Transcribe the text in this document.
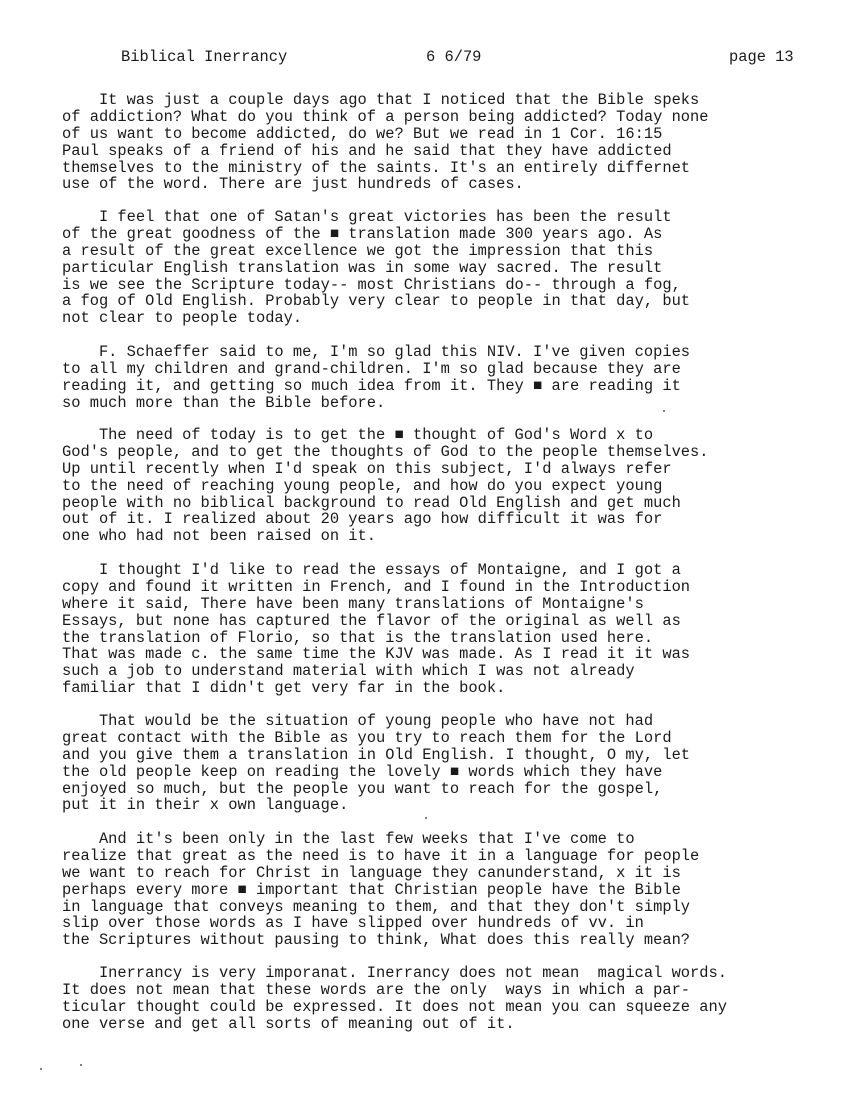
Biblical Inerrancy	6 6/79	page 13
It was just a couple days ago that I noticed that the Bible speks
of addiction? What do you think of a person being addicted? Today none
of us want to become addicted, do we? But we read in 1 Cor. 16:15
Paul speaks of a friend of his and he said that they have addicted
themselves to the ministry of the saints. It's an entirely differnet
use of the word. There are just hundreds of cases.
I feel that one of Satan's great victories has been the result
of the great goodness of the ■ translation made 300 years ago. As
a result of the great excellence we got the impression that this
particular English translation was in some way sacred. The result
is we see the Scripture today-- most Christians do-- through a fog,
a fog of Old English. Probably very clear to people in that day, but
not clear to people today.
F. Schaeffer said to me, I'm so glad this NIV. I've given copies
to all my children and grand-children. I'm so glad because they are
reading it, and getting so much idea from it. They ■ are reading it
so much more than the Bible before.
The need of today is to get the ■ thought of God's Word x to
God's people, and to get the thoughts of God to the people themselves.
Up until recently when I'd speak on this subject, I'd always refer
to the need of reaching young people, and how do you expect young
people with no biblical background to read Old English and get much
out of it. I realized about 20 years ago how difficult it was for
one who had not been raised on it.
I thought I'd like to read the essays of Montaigne, and I got a
copy and found it written in French, and I found in the Introduction
where it said, There have been many translations of Montaigne's
Essays, but none has captured the flavor of the original as well as
the translation of Florio, so that is the translation used here.
That was made c. the same time the KJV was made. As I read it it was
such a job to understand material with which I was not already
familiar that I didn't get very far in the book.
That would be the situation of young people who have not had
great contact with the Bible as you try to reach them for the Lord
and you give them a translation in Old English. I thought, O my, let
the old people keep on reading the lovely ■ words which they have
enjoyed so much, but the people you want to reach for the gospel,
put it in their x own language.
And it's been only in the last few weeks that I've come to
realize that great as the need is to have it in a language for people
we want to reach for Christ in language they canunderstand, x it is
perhaps every more ■ important that Christian people have the Bible
in language that conveys meaning to them, and that they don't simply
slip over those words as I have slipped over hundreds of vv. in
the Scriptures without pausing to think, What does this really mean?
Inerrancy is very imporanat. Inerrancy does not mean  magical words.
It does not mean that these words are the only  ways in which a par-
ticular thought could be expressed. It does not mean you can squeeze any
one verse and get all sorts of meaning out of it.
